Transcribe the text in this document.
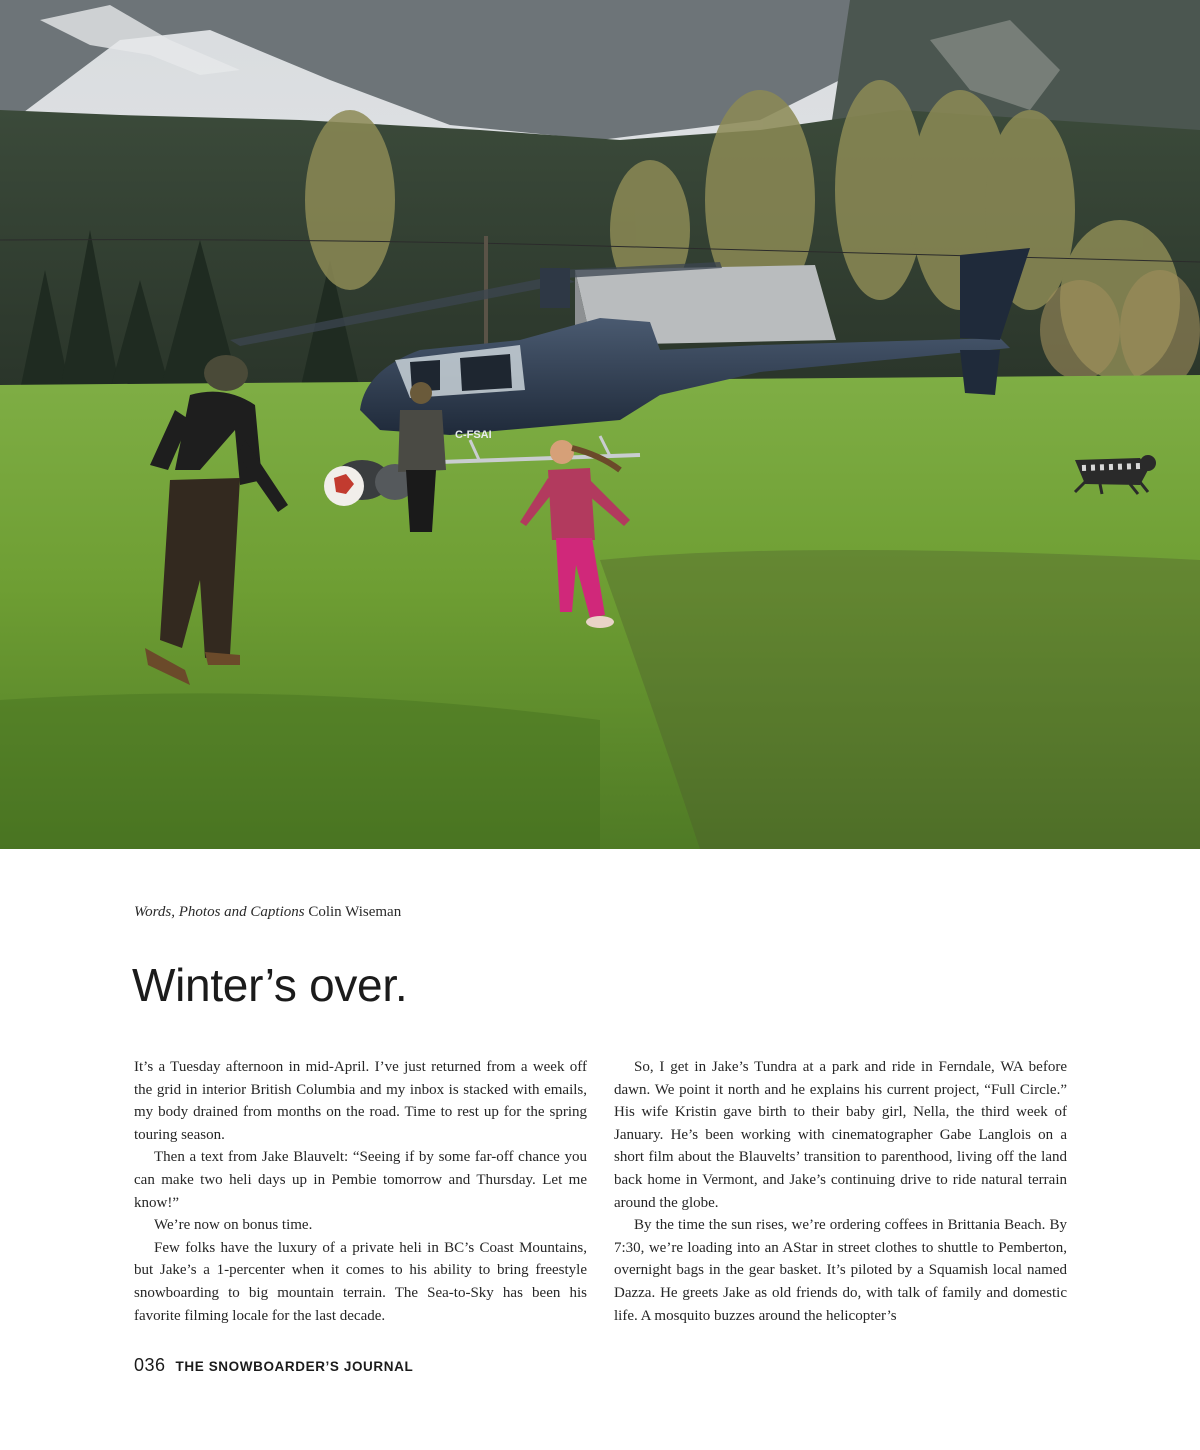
C-FSAI
Words, Photos and Captions Colin Wiseman
Winter’s over.

It’s a Tuesday afternoon in mid-April. I’ve just returned from a week off the grid in interior British Columbia and my inbox is stacked with emails, my body drained from months on the road. Time to rest up for the spring touring season.

Then a text from Jake Blauvelt: “Seeing if by some far-off chance you can make two heli days up in Pembie tomorrow and Thursday. Let me know!”

We’re now on bonus time.

Few folks have the luxury of a private heli in BC’s Coast Mountains, but Jake’s a 1-percenter when it comes to his ability to bring freestyle snowboarding to big mountain terrain. The Sea-to-Sky has been his favorite filming locale for the last decade.

So, I get in Jake’s Tundra at a park and ride in Ferndale, WA before dawn. We point it north and he explains his current project, “Full Circle.” His wife Kristin gave birth to their baby girl, Nella, the third week of January. He’s been working with cinematographer Gabe Langlois on a short film about the Blauvelts’ transition to parenthood, living off the land back home in Vermont, and Jake’s continuing drive to ride natural terrain around the globe.

By the time the sun rises, we’re ordering coffees in Brittania Beach. By 7:30, we’re loading into an AStar in street clothes to shuttle to Pemberton, overnight bags in the gear basket. It’s piloted by a Squamish local named Dazza. He greets Jake as old friends do, with talk of family and domestic life. A mosquito buzzes around the helicopter’s

036 THE SNOWBOARDER’S JOURNAL
